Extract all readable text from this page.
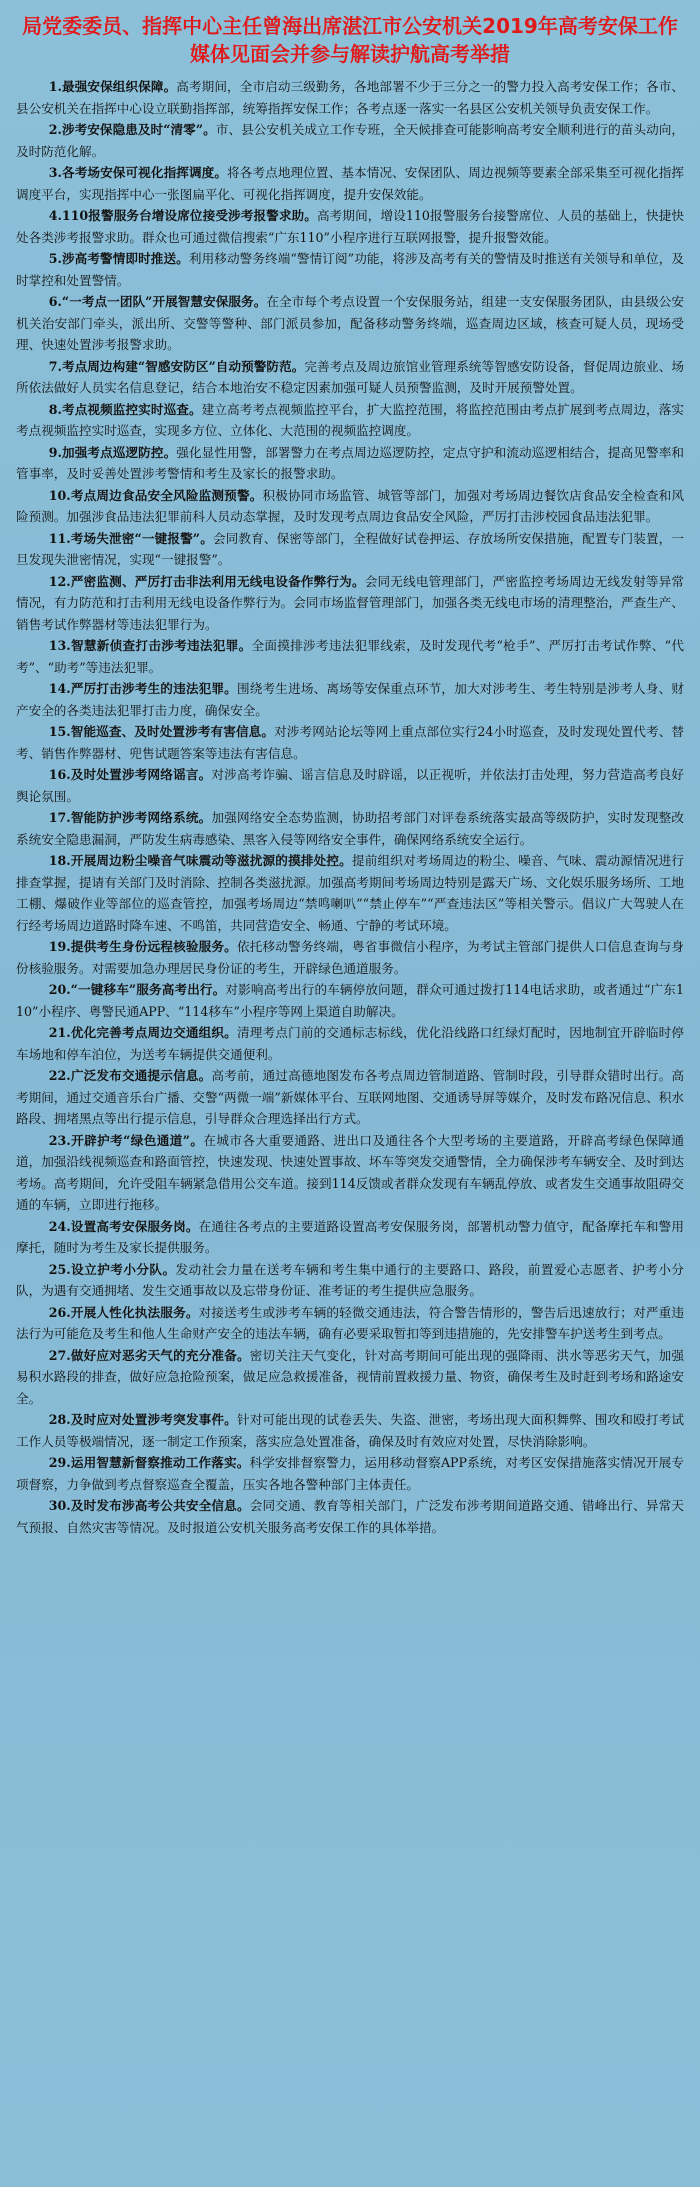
局党委委员、指挥中心主任曾海出席湛江市公安机关2019年高考安保工作媒体见面会并参与解读护航高考举措

1.最强安保组织保障。高考期间，全市启动三级勤务，各地部署不少于三分之一的警力投入高考安保工作；各市、县公安机关在指挥中心设立联勤指挥部，统筹指挥安保工作；各考点逐一落实一名县区公安机关领导负责安保工作。

2.涉考安保隐患及时“清零”。市、县公安机关成立工作专班，全天候排查可能影响高考安全顺利进行的苗头动向，及时防范化解。

3.各考场安保可视化指挥调度。将各考点地理位置、基本情况、安保团队、周边视频等要素全部采集至可视化指挥调度平台，实现指挥中心一张图扁平化、可视化指挥调度，提升安保效能。

4.110报警服务台增设席位接受涉考报警求助。高考期间，增设110报警服务台接警席位、人员的基础上，快捷快处各类涉考报警求助。群众也可通过微信搜索“广东110”小程序进行互联网报警，提升报警效能。

5.涉高考警情即时推送。利用移动警务终端“警情订阅”功能，将涉及高考有关的警情及时推送有关领导和单位，及时掌控和处置警情。

6.“一考点一团队”开展智慧安保服务。在全市每个考点设置一个安保服务站，组建一支安保服务团队，由县级公安机关治安部门牵头，派出所、交警等警种、部门派员参加，配备移动警务终端，巡查周边区域，核查可疑人员，现场受理、快速处置涉考报警求助。

7.考点周边构建“智感安防区”自动预警防范。完善考点及周边旅馆业管理系统等智感安防设备，督促周边旅业、场所依法做好人员实名信息登记，结合本地治安不稳定因素加强可疑人员预警监测，及时开展预警处置。

8.考点视频监控实时巡查。建立高考考点视频监控平台，扩大监控范围，将监控范围由考点扩展到考点周边，落实考点视频监控实时巡查，实现多方位、立体化、大范围的视频监控调度。

9.加强考点巡逻防控。强化显性用警，部署警力在考点周边巡逻防控，定点守护和流动巡逻相结合，提高见警率和管事率，及时妥善处置涉考警情和考生及家长的报警求助。

10.考点周边食品安全风险监测预警。积极协同市场监管、城管等部门，加强对考场周边餐饮店食品安全检查和风险预测。加强涉食品违法犯罪前科人员动态掌握，及时发现考点周边食品安全风险，严厉打击涉校园食品违法犯罪。

11.考场失泄密“一键报警”。会同教育、保密等部门，全程做好试卷押运、存放场所安保措施，配置专门装置，一旦发现失泄密情况，实现“一键报警”。

12.严密监测、严厉打击非法利用无线电设备作弊行为。会同无线电管理部门，严密监控考场周边无线发射等异常情况，有力防范和打击利用无线电设备作弊行为。会同市场监督管理部门，加强各类无线电市场的清理整治，严查生产、销售考试作弊器材等违法犯罪行为。

13.智慧新侦查打击涉考违法犯罪。全面摸排涉考违法犯罪线索，及时发现代考“枪手”、严厉打击考试作弊、“代考”、“助考”等违法犯罪。

14.严厉打击涉考生的违法犯罪。围绕考生进场、离场等安保重点环节，加大对涉考生、考生特别是涉考人身、财产安全的各类违法犯罪打击力度，确保安全。

15.智能巡查、及时处置涉考有害信息。对涉考网站论坛等网上重点部位实行24小时巡查，及时发现处置代考、替考、销售作弊器材、兜售试题答案等违法有害信息。

16.及时处置涉考网络谣言。对涉高考诈骗、谣言信息及时辟谣，以正视听，并依法打击处理，努力营造高考良好舆论氛围。

17.智能防护涉考网络系统。加强网络安全态势监测，协助招考部门对评卷系统落实最高等级防护，实时发现整改系统安全隐患漏洞，严防发生病毒感染、黑客入侵等网络安全事件，确保网络系统安全运行。

18.开展周边粉尘噪音气味震动等滋扰源的摸排处控。提前组织对考场周边的粉尘、噪音、气味、震动源情况进行排查掌握，提请有关部门及时消除、控制各类滋扰源。加强高考期间考场周边特别是露天广场、文化娱乐服务场所、工地工棚、爆破作业等部位的巡查管控，加强考场周边“禁鸣喇叭”“禁止停车”“严查违法区”等相关警示。倡议广大驾驶人在行经考场周边道路时降车速、不鸣笛，共同营造安全、畅通、宁静的考试环境。

19.提供考生身份远程核验服务。依托移动警务终端，粤省事微信小程序，为考试主管部门提供人口信息查询与身份核验服务。对需要加急办理居民身份证的考生，开辟绿色通道服务。

20.“一键移车”服务高考出行。对影响高考出行的车辆停放问题，群众可通过拨打114电话求助，或者通过“广东110”小程序、粤警民通APP、“114移车”小程序等网上渠道自助解决。

21.优化完善考点周边交通组织。清理考点门前的交通标志标线，优化沿线路口红绿灯配时，因地制宜开辟临时停车场地和停车泊位，为送考车辆提供交通便利。

22.广泛发布交通提示信息。高考前，通过高德地图发布各考点周边管制道路、管制时段，引导群众错时出行。高考期间，通过交通音乐台广播、交警“两微一端”新媒体平台、互联网地图、交通诱导屏等媒介，及时发布路况信息、积水路段、拥堵黑点等出行提示信息，引导群众合理选择出行方式。

23.开辟护考“绿色通道”。在城市各大重要通路、进出口及通往各个大型考场的主要道路，开辟高考绿色保障通道，加强沿线视频巡查和路面管控，快速发现、快速处置事故、坏车等突发交通警情，全力确保涉考车辆安全、及时到达考场。高考期间，允许受阻车辆紧急借用公交车道。接到114反馈或者群众发现有车辆乱停放、或者发生交通事故阻碍交通的车辆，立即进行拖移。

24.设置高考安保服务岗。在通往各考点的主要道路设置高考安保服务岗，部署机动警力值守，配备摩托车和警用摩托，随时为考生及家长提供服务。

25.设立护考小分队。发动社会力量在送考车辆和考生集中通行的主要路口、路段，前置爱心志愿者、护考小分队，为遇有交通拥堵、发生交通事故以及忘带身份证、准考证的考生提供应急服务。

26.开展人性化执法服务。对接送考生或涉考车辆的轻微交通违法，符合警告情形的，警告后迅速放行；对严重违法行为可能危及考生和他人生命财产安全的违法车辆，确有必要采取暂扣等到违措施的，先安排警车护送考生到考点。

27.做好应对恶劣天气的充分准备。密切关注天气变化，针对高考期间可能出现的强降雨、洪水等恶劣天气，加强易积水路段的排查，做好应急抢险预案，做足应急救援准备，视情前置救援力量、物资，确保考生及时赶到考场和路途安全。

28.及时应对处置涉考突发事件。针对可能出现的试卷丢失、失盗、泄密，考场出现大面积舞弊、围攻和殴打考试工作人员等极端情况，逐一制定工作预案，落实应急处置准备，确保及时有效应对处置，尽快消除影响。

29.运用智慧新督察推动工作落实。科学安排督察警力，运用移动督察APP系统，对考区安保措施落实情况开展专项督察，力争做到考点督察巡查全覆盖，压实各地各警种部门主体责任。

30.及时发布涉高考公共安全信息。会同交通、教育等相关部门，广泛发布涉考期间道路交通、错峰出行、异常天气预报、自然灾害等情况。及时报道公安机关服务高考安保工作的具体举措。
